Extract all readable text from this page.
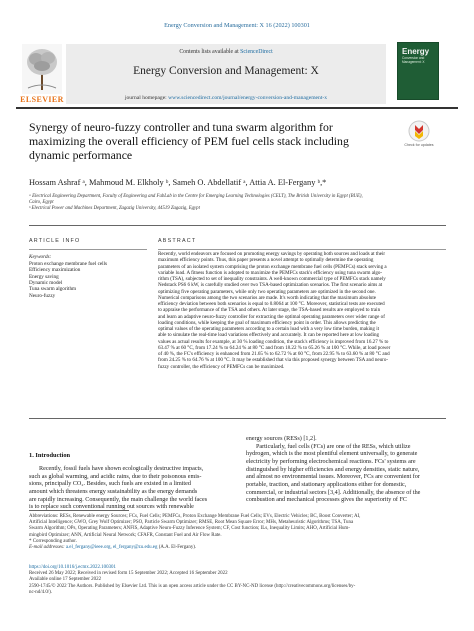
Energy Conversion and Management: X 16 (2022) 100301
ELSEVIER
Contents lists available at ScienceDirect
Energy Conversion and Management: X
journal homepage: www.sciencedirect.com/journal/energy-conversion-and-management-x
Energy
Conversion and Management: X
Synergy of neuro-fuzzy controller and tuna swarm algorithm for
maximizing the overall efficiency of PEM fuel cells stack including
dynamic performance
Check for updates
Hossam Ashraf ᵃ, Mahmoud M. Elkholy ᵇ, Sameh O. Abdellatif ᵃ, Attia A. El-Fergany ᵇ,*
ᵃ Electrical Engineering Department, Faculty of Engineering and FabLab in the Centre for Emerging Learning Technologies (CELT), The British University in Egypt (BUE),
Cairo, Egypt
ᵇ Electrical Power and Machines Department, Zagazig University, 44519 Zagazig, Egypt
ARTICLE INFO	ABSTRACT
Keywords:
Proton exchange membrane fuel cells
Efficiency maximization
Energy saving
Dynamic model
Tuna swarm algorithm
Neuro-fuzzy
Recently, world endeavors are focused on promoting energy savings by operating both sources and loads at their
maximum efficiency points. Thus, this paper presents a novel attempt to optimally determine the operating
parameters of an isolated system comprising the proton exchange membrane fuel cells (PEMFCs) stack serving a
variable load. A fitness function is adopted to maximize the PEMFCs stack's efficiency using tuna swarm algo-
rithm (TSA), subjected to set of inequality constraints. A well-known commercial type of PEMFCs stack namely
Nedstack PS6 6 kW, is carefully studied over two TSA-based optimization scenarios. The first scenario aims at
optimizing five operating parameters, while only two operating parameters are optimized in the second one.
Numerical comparisons among the two scenarios are made. It's worth indicating that the maximum absolute
efficiency deviation between both scenarios is equal to 0.8064 at 100 °C. Moreover, statistical tests are executed
to appraise the performance of the TSA and others. At later stage, the TSA-based results are employed to train
and learn an adaptive neuro-fuzzy controller for extracting the optimal operating parameters over wider range of
loading conditions, while keeping the goal of maximum efficiency point in order. This allows predicting the
optimal values of the operating parameters according to a certain load with a very low time burden, making it
able to simulate the real-time load variations effectively and accurately. It can be reported here at low loading
values as actual results for example, at 30 % loading condition, the stack's efficiency is improved from 16.27 % to
63.47 % at 60 °C, from 17.24 % to 64.24 % at 80 °C and from 18.22 % to 65.26 % at 100 °C. While, at load power
of 40 %, the FC's efficiency is enhanced from 21.65 % to 62.72 % at 60 °C, from 22.95 % to 63.60 % at 80 °C and
from 24.25 % to 64.76 % at 100 °C. It may be established that via this proposed synergy between TSA and neuro-
fuzzy controller, the efficiency of PEMFCs can be maximized.
1. Introduction
Recently, fossil fuels have shown ecologically destructive impacts,
such as global warming, and acidic rains, due to their poisonous emis-
sions, principally CO₂. Besides, such fuels are existed in a limited
amount which threatens energy sustainability as the energy demands
are rapidly increasing. Consequently, the main challenge the world faces
is to replace such conventional running out sources with renewable
energy sources (RESs) [1,2].
Particularly, fuel cells (FCs) are one of the RESs, which utilize
hydrogen, which is the most plentiful element universally, to generate
electricity by performing electrochemical reactions. FCs' systems are
distinguished by higher efficiencies and energy densities, static nature,
and almost no environmental issues. Moreover, FCs are convenient for
portable, traction, and stationary applications either for domestic,
commercial, or industrial sectors [3,4]. Additionally, the absence of the
combustion and mechanical processes gives the superiority of FC
Abbreviations: RESs, Renewable energy Sources; FCs, Fuel Cells; PEMFCs, Proton Exchange Membrane Fuel Cells; EVs, Electric Vehicles; BC, Boost Converter; AI,
Artificial Intelligence; GWO, Grey Wolf Optimizer; PSO, Particle Swarm Optimizer; RMSE, Root Mean Square Error; MHs, Metaheuristic Algorithms; TSA, Tuna
Swarm Algorithm; OPs, Operating Parameters; ANFIS, Adaptive Neuro-Fuzzy Inference System; CF, Cost function; ILs, Inequality Limits; AHO, Artificial Hum-
mingbird Optimizer; ANN, Artificial Neural Network; CFAFR, Constant Fuel and Air Flow Rate.
* Corresponding author.
E-mail addresses: a.el_fergany@ieee.org, el_fergany@zu.edu.eg (A.A. El-Fergany).
https://doi.org/10.1016/j.ecmx.2022.100301
Received 26 May 2022; Received in revised form 15 September 2022; Accepted 16 September 2022
Available online 17 September 2022
2590-1745/© 2022 The Authors. Published by Elsevier Ltd. This is an open access article under the CC BY-NC-ND license (http://creativecommons.org/licenses/by-
nc-nd/4.0/).
